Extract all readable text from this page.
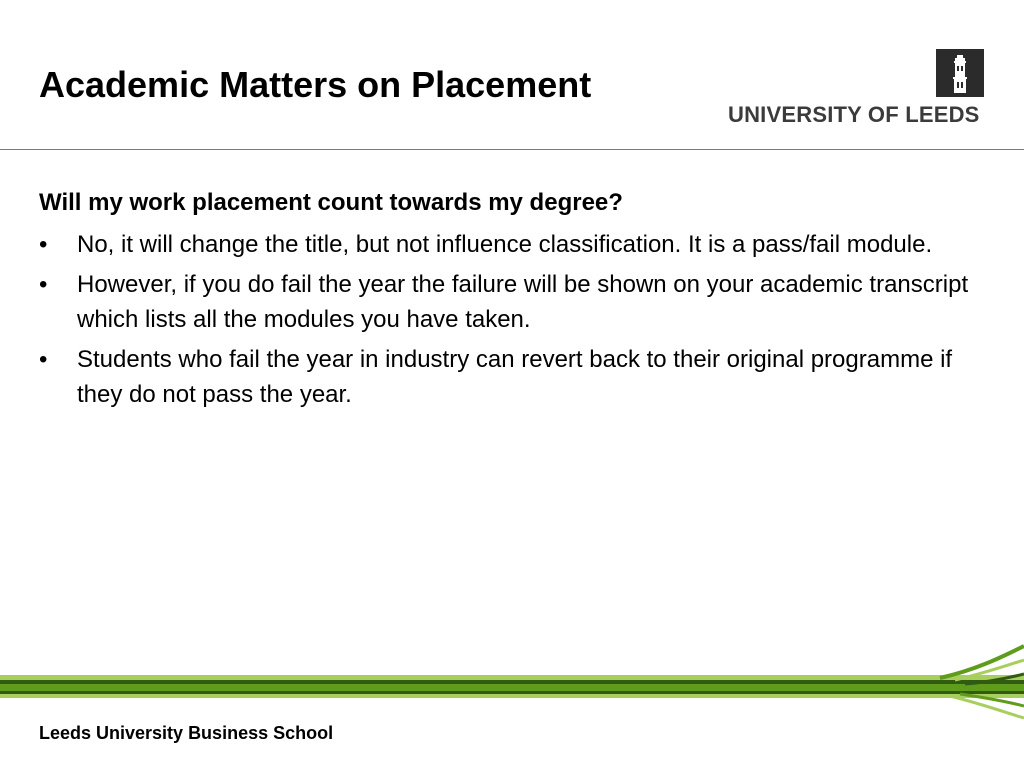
Academic Matters on Placement
UNIVERSITY OF LEEDS

Will my work placement count towards my degree?

•	No, it will change the title, but not influence classification. It is a pass/fail module.
•	However, if you do fail the year the failure will be shown on your academic transcript which lists all the modules you have taken.
•	Students who fail the year in industry can revert back to their original programme if they do not pass the year.
Leeds University Business School
